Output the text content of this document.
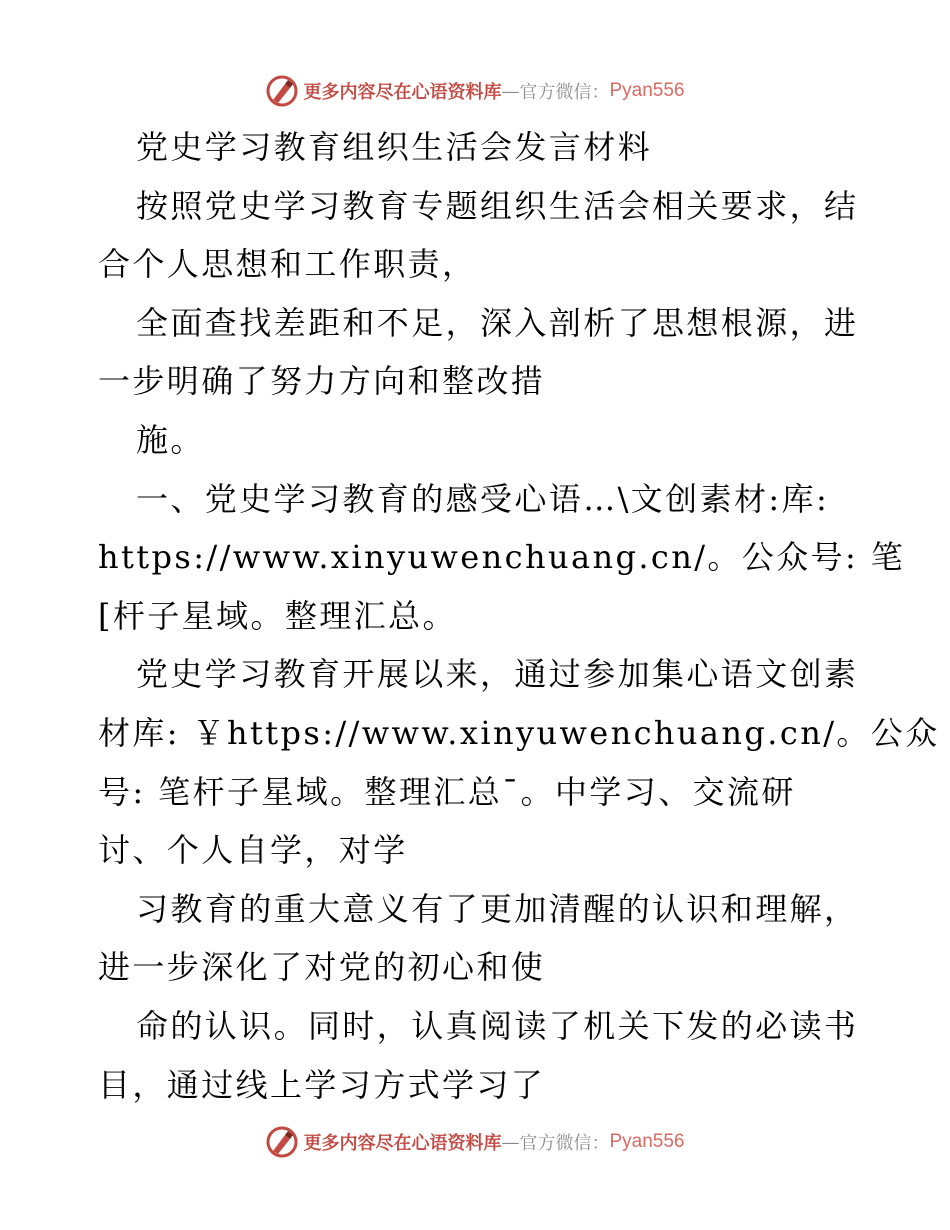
更多内容尽在心语资料库 — 官方微信： Pyan556
党史学习教育组织生活会发言材料
按照党史学习教育专题组织生活会相关要求，结
合个人思想和工作职责，
全面查找差距和不足，深入剖析了思想根源，进
一步明确了努力方向和整改措
施。
一、党史学习教育的感受心语…\文创素材:库:
https://www.xinyuwenchuang.cn/。公众号: 笔
[杆子星域。整理汇总。
党史学习教育开展以来，通过参加集心语文创素
材库: ￥https://www.xinyuwenchuang.cn/。公众
号: 笔杆子星域。整理汇总¯。中学习、交流研
讨、个人自学，对学
习教育的重大意义有了更加清醒的认识和理解，
进一步深化了对党的初心和使
命的认识。同时，认真阅读了机关下发的必读书
目，通过线上学习方式学习了
更多内容尽在心语资料库 — 官方微信： Pyan556
